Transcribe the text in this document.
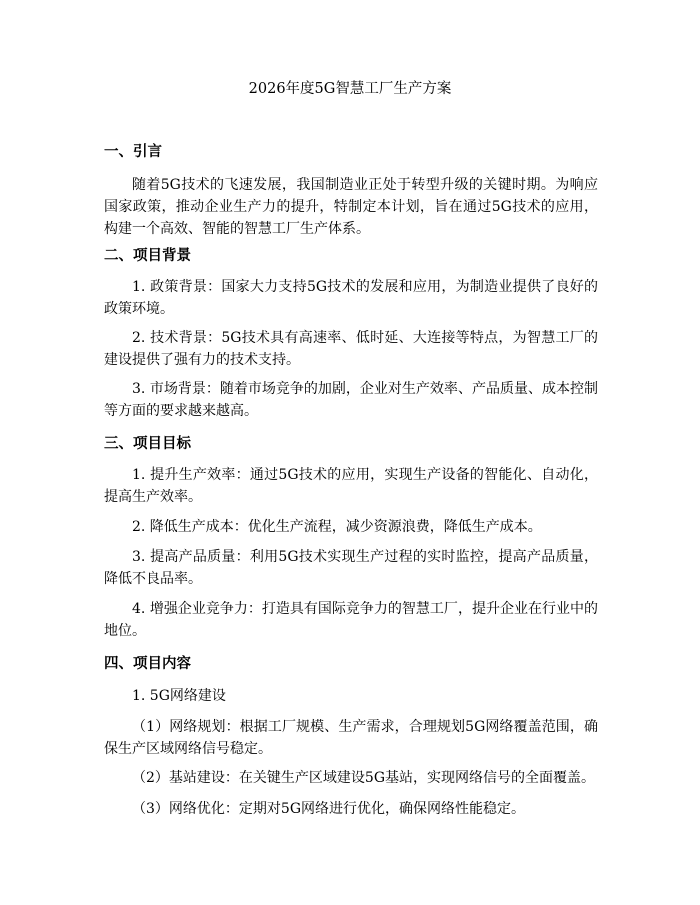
2026年度5G智慧工厂生产方案
一、引言
随着5G技术的飞速发展，我国制造业正处于转型升级的关键时期。为响应国家政策，推动企业生产力的提升，特制定本计划，旨在通过5G技术的应用，构建一个高效、智能的智慧工厂生产体系。
二、项目背景
1. 政策背景：国家大力支持5G技术的发展和应用，为制造业提供了良好的政策环境。
2. 技术背景：5G技术具有高速率、低时延、大连接等特点，为智慧工厂的建设提供了强有力的技术支持。
3. 市场背景：随着市场竞争的加剧，企业对生产效率、产品质量、成本控制等方面的要求越来越高。
三、项目目标
1. 提升生产效率：通过5G技术的应用，实现生产设备的智能化、自动化，提高生产效率。
2. 降低生产成本：优化生产流程，减少资源浪费，降低生产成本。
3. 提高产品质量：利用5G技术实现生产过程的实时监控，提高产品质量，降低不良品率。
4. 增强企业竞争力：打造具有国际竞争力的智慧工厂，提升企业在行业中的地位。
四、项目内容
1. 5G网络建设
（1）网络规划：根据工厂规模、生产需求，合理规划5G网络覆盖范围，确保生产区域网络信号稳定。
（2）基站建设：在关键生产区域建设5G基站，实现网络信号的全面覆盖。
（3）网络优化：定期对5G网络进行优化，确保网络性能稳定。
